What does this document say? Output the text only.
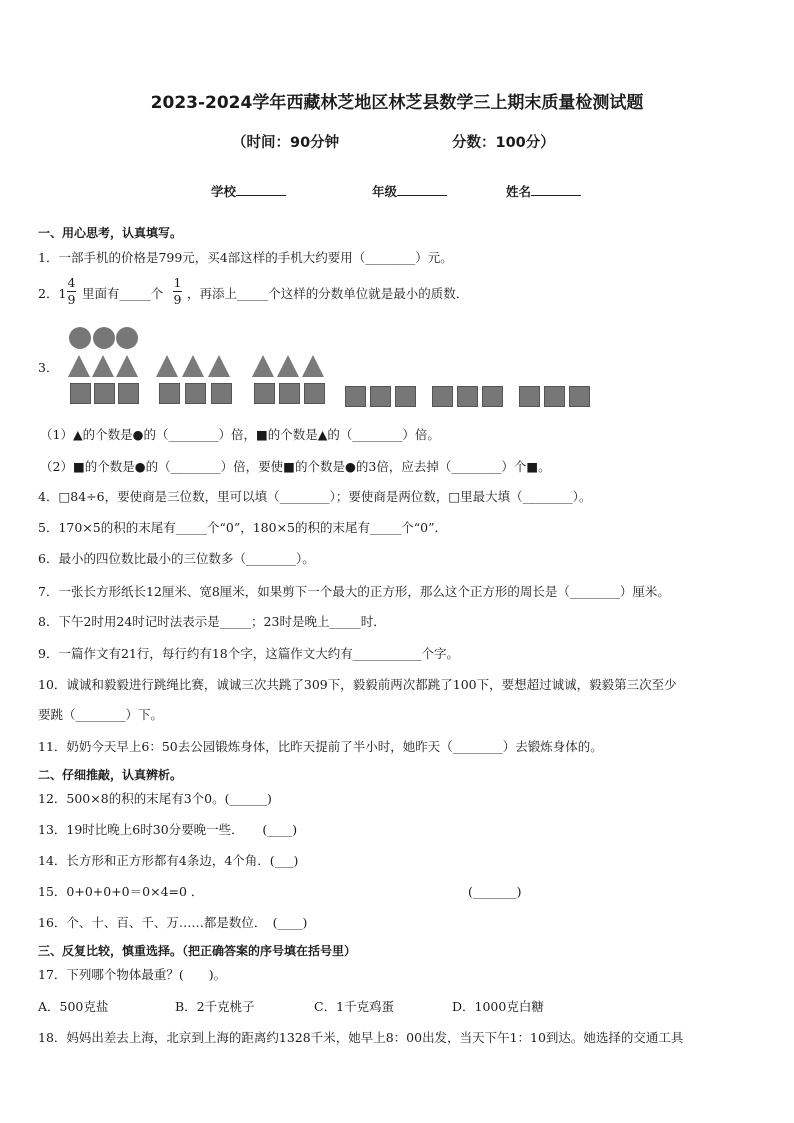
2023-2024学年西藏林芝地区林芝县数学三上期末质量检测试题
（时间：90分钟	分数：100分）
学校	年级	姓名
一、用心思考，认真填写。
1．一部手机的价格是799元，买4部这样的手机大约要用（________）元。
2．1
4
9 里面有_____个
1
9 ，再添上_____个这样的分数单位就是最小的质数．
3．
（1）▲的个数是●的（________）倍，■的个数是▲的（________）倍。
（2）■的个数是●的（________）倍，要使■的个数是●的3倍，应去掉（________）个■。
4．□84÷6，要使商是三位数，里可以填（________）；要使商是两位数，□里最大填（________）。
5．170×5的积的末尾有_____个“0”，180×5的积的末尾有_____个“0”．
6．最小的四位数比最小的三位数多（________）。
7．一张长方形纸长12厘米、宽8厘米，如果剪下一个最大的正方形，那么这个正方形的周长是（________）厘米。
8．下午2时用24时记时法表示是_____；23时是晚上_____时．
9．一篇作文有21行，每行约有18个字，这篇作文大约有___________个字。
10．诚诚和毅毅进行跳绳比赛，诚诚三次共跳了309下，毅毅前两次都跳了100下，要想超过诚诚，毅毅第三次至少
要跳（________）下。
11．奶奶今天早上6：50去公园锻炼身体，比昨天提前了半小时，她昨天（________）去锻炼身体的。
二、仔细推敲，认真辨析。
12．500×8的积的末尾有3个0。(______)
13．19时比晚上6时30分要晚一些．　　(____)
14．长方形和正方形都有4条边，4个角．(___)
15．0+0+0+0＝0×4=0 ．	(_______)
16．个、十、百、千、万……都是数位．　(____)
三、反复比较，慎重选择。（把正确答案的序号填在括号里）
17．下列哪个物体最重？(　　)。
A．500克盐	B．2千克桃子	C．1千克鸡蛋	D．1000克白糖
18．妈妈出差去上海，北京到上海的距离约1328千米，她早上8：00出发，当天下午1：10到达。她选择的交通工具
